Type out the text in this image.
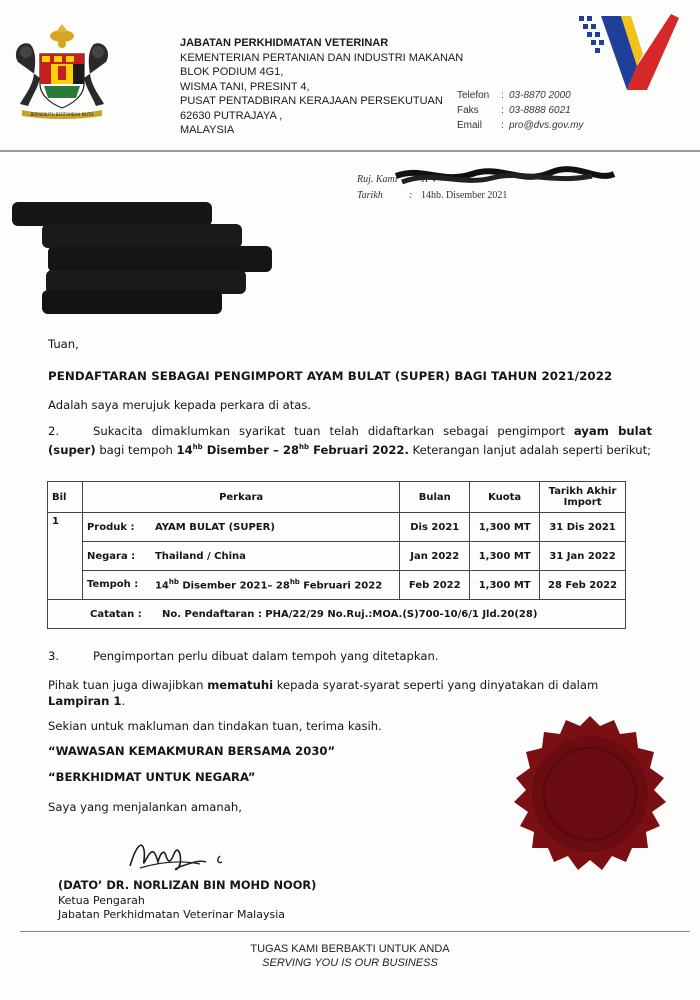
BERSEKUTU BERTAMBAH MUTU
JABATAN PERKHIDMATAN VETERINAR
KEMENTERIAN PERTANIAN DAN INDUSTRI MAKANAN
BLOK PODIUM 4G1,
WISMA TANI, PRESINT 4,
PUSAT PENTADBIRAN KERAJAAN PERSEKUTUAN
62630 PUTRAJAYA ,
MALAYSIA
Telefon	: 03-8870 2000
Faks	: 03-8888 6021
Email	: pro@dvs.gov.my
Ruj. Kami	: JPV
Tarikh	: 14hb. Disember 2021
Tuan,
PENDAFTARAN SEBAGAI PENGIMPORT AYAM BULAT (SUPER) BAGI TAHUN 2021/2022
Adalah saya merujuk kepada perkara di atas.
2.	Sukacita dimaklumkan syarikat tuan telah didaftarkan sebagai pengimport ayam bulat (super) bagi tempoh $14^{hb}$ Disember – $28^{hb}$ Februari 2022. Keterangan lanjut adalah seperti berikut;
Bil	Perkara	Bulan	Kuota	Tarikh Akhir
Import

1	Produk : AYAM BULAT (SUPER)	Dis 2021	1,300 MT	31 Dis 2021

	Negara : Thailand / China	Jan 2022	1,300 MT	31 Jan 2022

	Tempoh : $14^{hb}$ Disember 2021– $28^{hb}$ Februari 2022	Feb 2022	1,300 MT	28 Feb 2022
Catatan : No. Pendaftaran : PHA/22/29 No.Ruj.:MOA.(S)700-10/6/1 Jld.20(28)				
3.	Pengimportan perlu dibuat dalam tempoh yang ditetapkan.
Pihak tuan juga diwajibkan mematuhi kepada syarat-syarat seperti yang dinyatakan di dalam Lampiran 1.
Sekian untuk makluman dan tindakan tuan, terima kasih.
“WAWASAN KEMAKMURAN BERSAMA 2030”
“BERKHIDMAT UNTUK NEGARA”
Saya yang menjalankan amanah,
(DATO’ DR. NORLIZAN BIN MOHD NOOR)
Ketua Pengarah
Jabatan Perkhidmatan Veterinar Malaysia
TUGAS KAMI BERBAKTI UNTUK ANDA
SERVING YOU IS OUR BUSINESS
